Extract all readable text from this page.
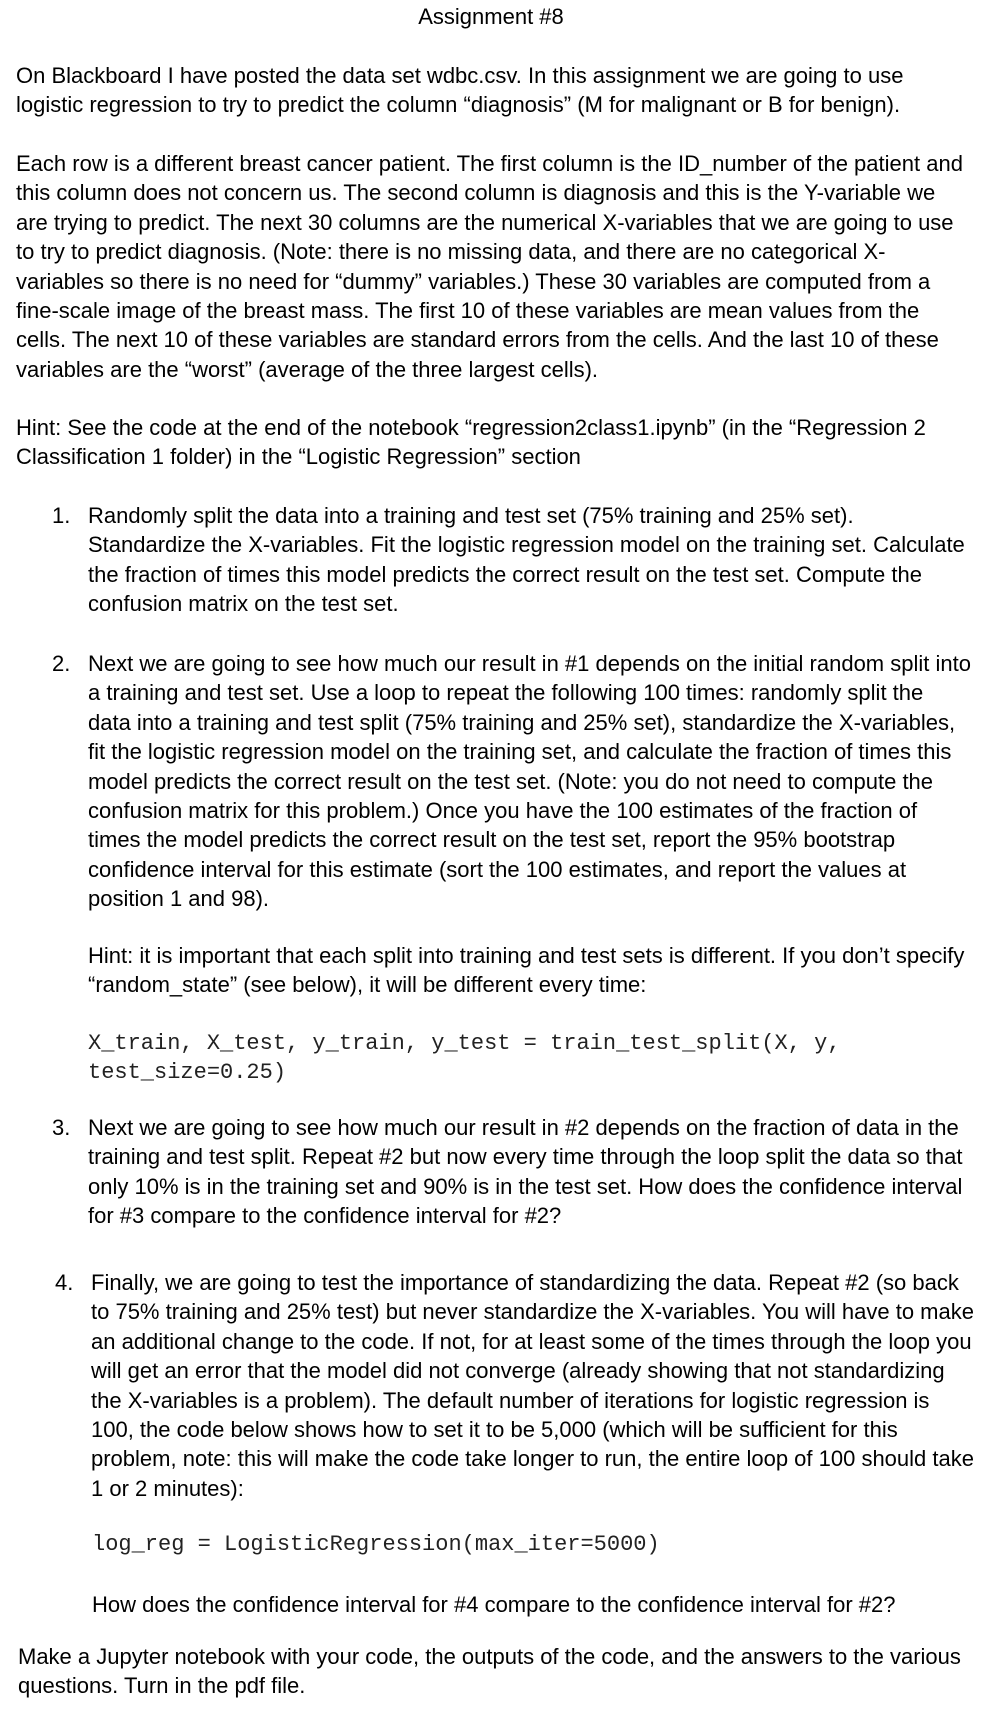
Assignment #8

On Blackboard I have posted the data set wdbc.csv. In this assignment we are going to use logistic regression to try to predict the column “diagnosis” (M for malignant or B for benign).

Each row is a different breast cancer patient. The first column is the ID_number of the patient and this column does not concern us. The second column is diagnosis and this is the Y-variable we are trying to predict. The next 30 columns are the numerical X-variables that we are going to use to try to predict diagnosis. (Note: there is no missing data, and there are no categorical X-variables so there is no need for “dummy” variables.) These 30 variables are computed from a fine-scale image of the breast mass. The first 10 of these variables are mean values from the cells. The next 10 of these variables are standard errors from the cells. And the last 10 of these variables are the “worst” (average of the three largest cells).

Hint: See the code at the end of the notebook “regression2class1.ipynb” (in the “Regression 2 Classification 1 folder) in the “Logistic Regression” section

1. Randomly split the data into a training and test set (75% training and 25% set). Standardize the X-variables. Fit the logistic regression model on the training set. Calculate the fraction of times this model predicts the correct result on the test set. Compute the confusion matrix on the test set.
2. Next we are going to see how much our result in #1 depends on the initial random split into a training and test set. Use a loop to repeat the following 100 times: randomly split the data into a training and test split (75% training and 25% set), standardize the X-variables, fit the logistic regression model on the training set, and calculate the fraction of times this model predicts the correct result on the test set. (Note: you do not need to compute the confusion matrix for this problem.) Once you have the 100 estimates of the fraction of times the model predicts the correct result on the test set, report the 95% bootstrap confidence interval for this estimate (sort the 100 estimates, and report the values at position 1 and 98).
Hint: it is important that each split into training and test sets is different. If you don’t specify “random_state” (see below), it will be different every time:
X_train, X_test, y_train, y_test = train_test_split(X, y,
test_size=0.25)
3. Next we are going to see how much our result in #2 depends on the fraction of data in the training and test split. Repeat #2 but now every time through the loop split the data so that only 10% is in the training set and 90% is in the test set. How does the confidence interval for #3 compare to the confidence interval for #2?
4. Finally, we are going to test the importance of standardizing the data. Repeat #2 (so back to 75% training and 25% test) but never standardize the X-variables. You will have to make an additional change to the code. If not, for at least some of the times through the loop you will get an error that the model did not converge (already showing that not standardizing the X-variables is a problem). The default number of iterations for logistic regression is 100, the code below shows how to set it to be 5,000 (which will be sufficient for this problem, note: this will make the code take longer to run, the entire loop of 100 should take 1 or 2 minutes):
log_reg = LogisticRegression(max_iter=5000)
How does the confidence interval for #4 compare to the confidence interval for #2?

Make a Jupyter notebook with your code, the outputs of the code, and the answers to the various questions. Turn in the pdf file.
